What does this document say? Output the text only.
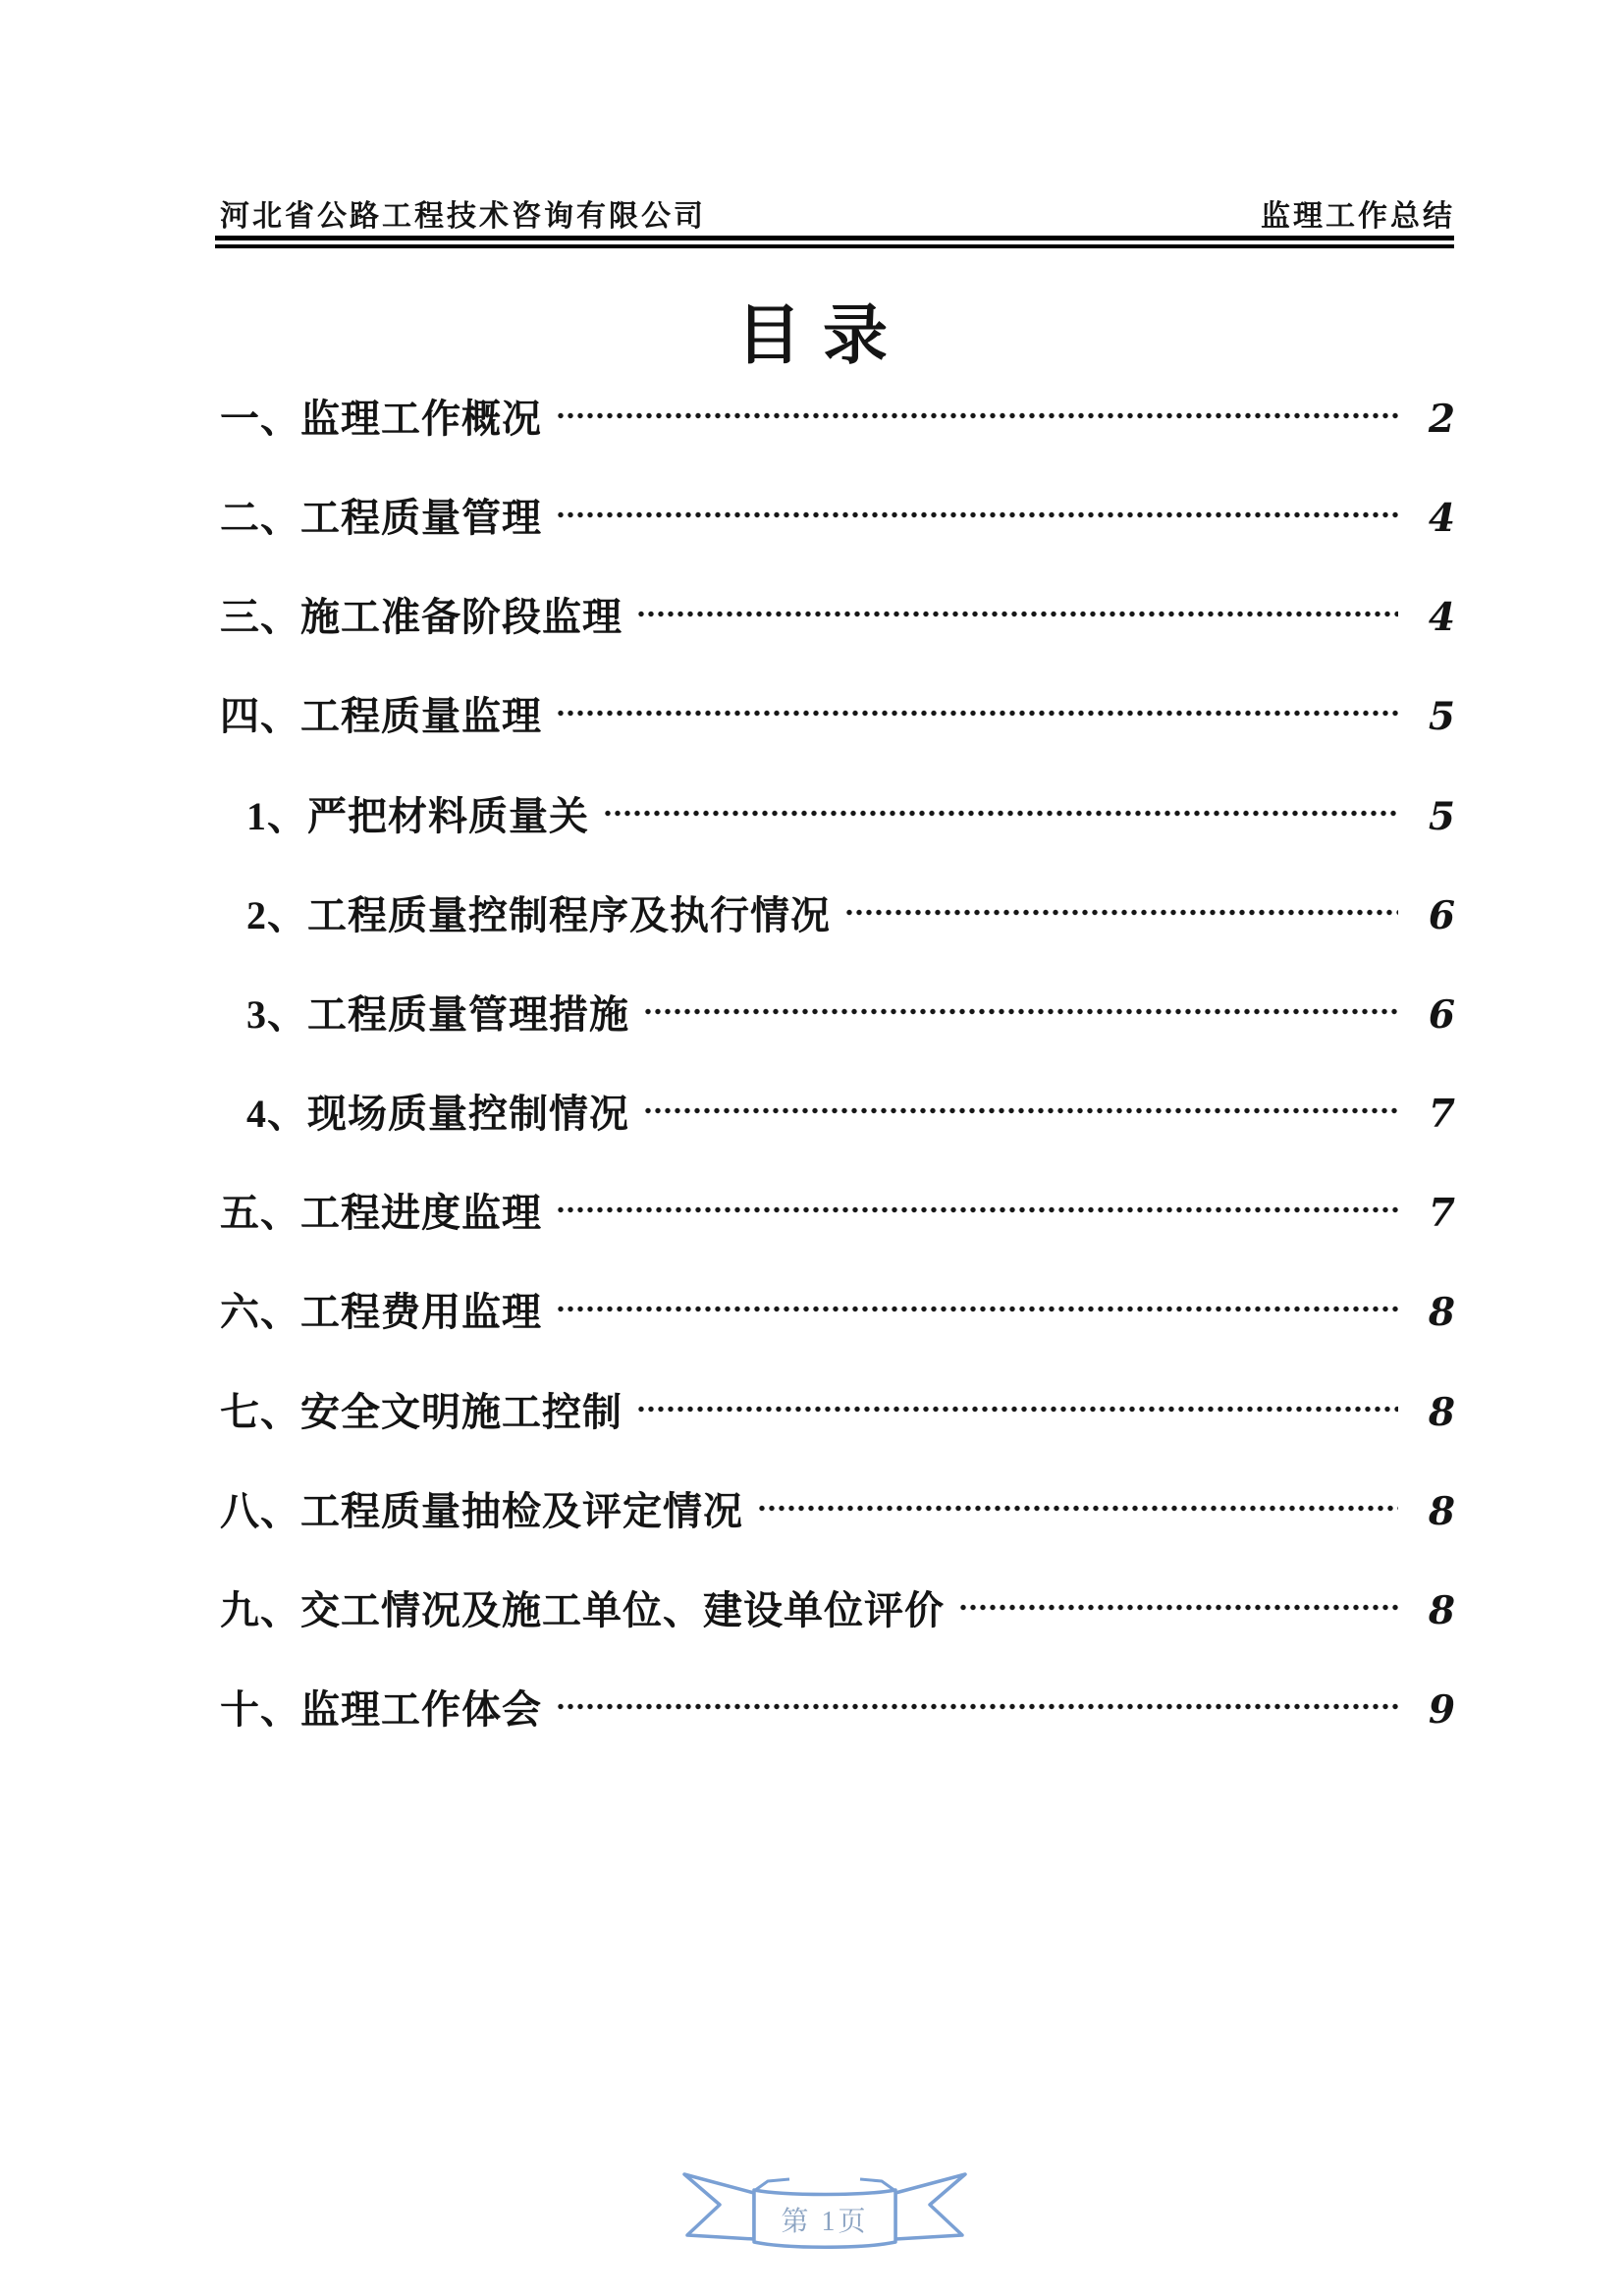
河北省公路工程技术咨询有限公司	监理工作总结
目录
一、监理工作概况	2
二、工程质量管理	4
三、施工准备阶段监理	4
四、工程质量监理	5
1、严把材料质量关	5
2、工程质量控制程序及执行情况	6
3、工程质量管理措施	6
4、现场质量控制情况	7
五、工程进度监理	7
六、工程费用监理	8
七、安全文明施工控制	8
八、工程质量抽检及评定情况	8
九、交工情况及施工单位、建设单位评价	8
十、监理工作体会	9
第 1页
